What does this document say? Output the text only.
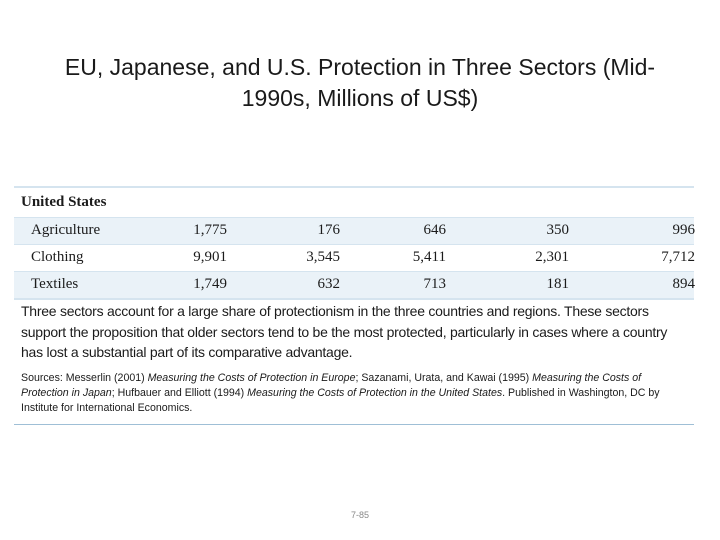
EU, Japanese, and U.S. Protection in Three Sectors (Mid-1990s, Millions of US$)
United States
Agriculture	1,775	176	646	350	996
Clothing	9,901	3,545	5,411	2,301	7,712
Textiles	1,749	632	713	181	894
Three sectors account for a large share of protectionism in the three countries and regions. These sectors support the proposition that older sectors tend to be the most protected, particularly in cases where a country has lost a substantial part of its comparative advantage.
Sources: Messerlin (2001) Measuring the Costs of Protection in Europe; Sazanami, Urata, and Kawai (1995) Measuring the Costs of Protection in Japan; Hufbauer and Elliott (1994) Measuring the Costs of Protection in the United States. Published in Washington, DC by Institute for International Economics.
7-85
